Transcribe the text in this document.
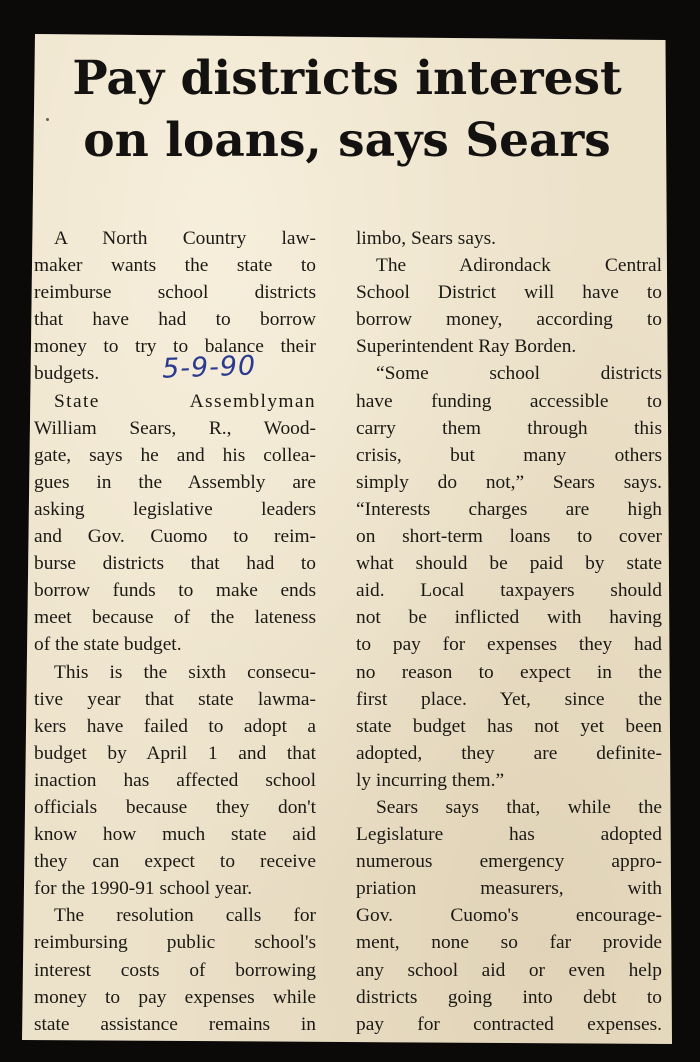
Pay districts interest
on loans, says Sears
A North Country law-
maker wants the state to
reimburse school districts
that have had to borrow
money to try to balance their
budgets. 5-9-90
State Assemblyman
William Sears, R., Wood-
gate, says he and his collea-
gues in the Assembly are
asking legislative leaders
and Gov. Cuomo to reim-
burse districts that had to
borrow funds to make ends
meet because of the lateness
of the state budget.
This is the sixth consecu-
tive year that state lawma-
kers have failed to adopt a
budget by April 1 and that
inaction has affected school
officials because they don't
know how much state aid
they can expect to receive
for the 1990-91 school year.
The resolution calls for
reimbursing public school's
interest costs of borrowing
money to pay expenses while
state assistance remains in
limbo, Sears says.
The Adirondack Central
School District will have to
borrow money, according to
Superintendent Ray Borden.
“Some school districts
have funding accessible to
carry them through this
crisis, but many others
simply do not,” Sears says.
“Interests charges are high
on short-term loans to cover
what should be paid by state
aid. Local taxpayers should
not be inflicted with having
to pay for expenses they had
no reason to expect in the
first place. Yet, since the
state budget has not yet been
adopted, they are definite-
ly incurring them.”
Sears says that, while the
Legislature has adopted
numerous emergency appro-
priation measurers, with
Gov. Cuomo's encourage-
ment, none so far provide
any school aid or even help
districts going into debt to
pay for contracted expenses.
